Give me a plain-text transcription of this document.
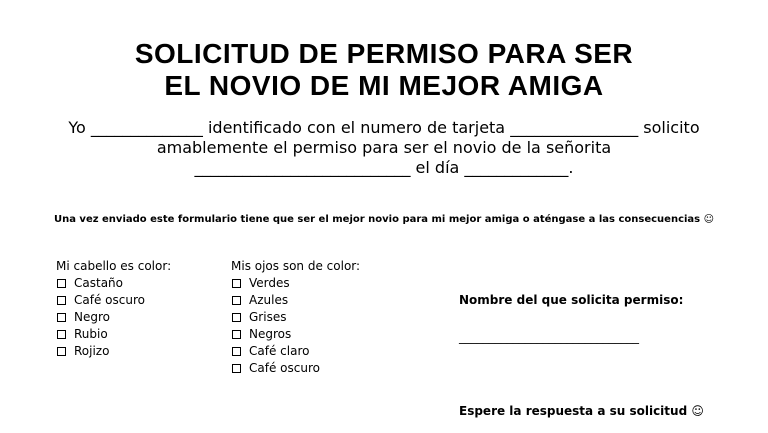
SOLICITUD DE PERMISO PARA SER
EL NOVIO DE MI MEJOR AMIGA
Yo ______________ identificado con el numero de tarjeta ________________ solicito
amablemente el permiso para ser el novio de la señorita
___________________________ el día _____________.
Una vez enviado este formulario tiene que ser el mejor novio para mi mejor amiga o aténgase a las consecuencias ☺
Mi cabello es color:
Castaño
Café oscuro
Negro
Rubio
Rojizo
Mis ojos son de color:
Verdes
Azules
Grises
Negros
Café claro
Café oscuro
Nombre del que solicita permiso:
______________________________
Espere la respuesta a su solicitud ☺
